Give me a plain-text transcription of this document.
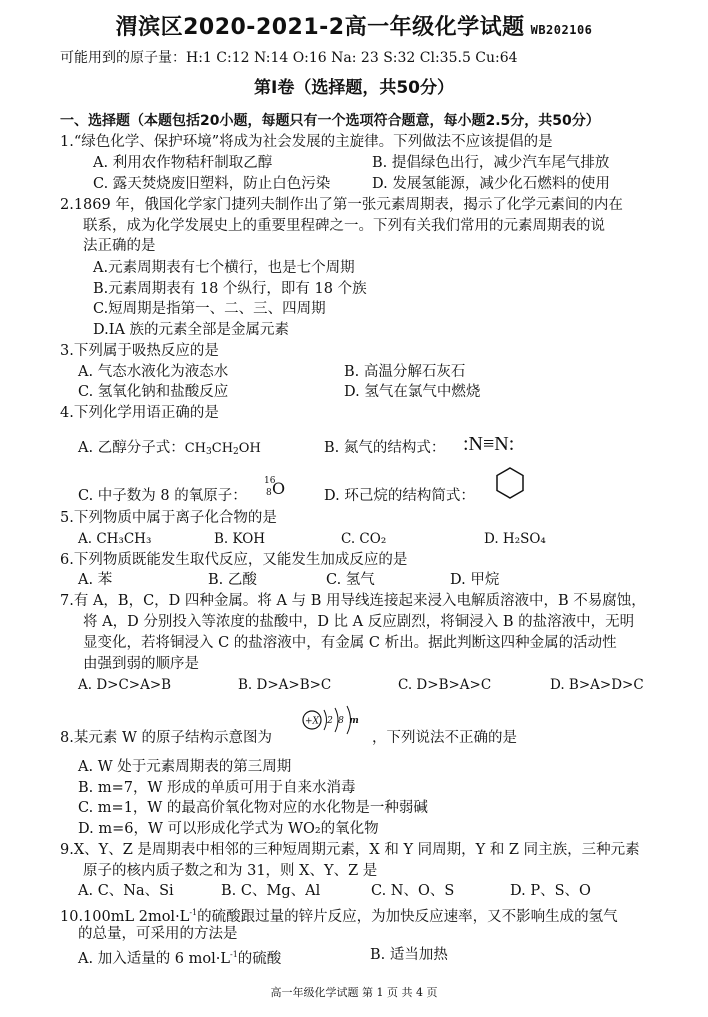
渭滨区2020-2021-2高一年级化学试题 WB202106
可能用到的原子量：H:1 C:12 N:14 O:16 Na: 23 S:32 Cl:35.5 Cu:64
第Ⅰ卷（选择题，共50分）
一、选择题（本题包括20小题，每题只有一个选项符合题意，每小题2.5分，共50分）
1.“绿色化学、保护环境”将成为社会发展的主旋律。下列做法不应该提倡的是
A. 利用农作物秸秆制取乙醇	B. 提倡绿色出行，减少汽车尾气排放
C. 露天焚烧废旧塑料，防止白色污染	D. 发展氢能源，减少化石燃料的使用
2.1869 年，俄国化学家门捷列夫制作出了第一张元素周期表，揭示了化学元素间的内在
联系，成为化学发展史上的重要里程碑之一。下列有关我们常用的元素周期表的说
法正确的是
A.元素周期表有七个横行，也是七个周期
B.元素周期表有 18 个纵行，即有 18 个族
C.短周期是指第一、二、三、四周期
D.IA 族的元素全部是金属元素
3.下列属于吸热反应的是
A. 气态水液化为液态水	B. 高温分解石灰石
C. 氢氧化钠和盐酸反应	D. 氢气在氯气中燃烧
4.下列化学用语正确的是
A. 乙醇分子式：$CH_3CH_2OH$	B. 氮气的结构式： :N≡N:
C. 中子数为 8 的氧原子：
16
8 O	D. 环己烷的结构简式：
5.下列物质中属于离子化合物的是
A. CH₃CH₃	B. KOH	C. CO₂	D. H₂SO₄
6.下列物质既能发生取代反应，又能发生加成反应的是
A. 苯	B. 乙酸	C. 氢气	D. 甲烷
7.有 A，B，C，D 四种金属。将 A 与 B 用导线连接起来浸入电解质溶液中，B 不易腐蚀，
将 A，D 分别投入等浓度的盐酸中，D 比 A 反应剧烈，将铜浸入 B 的盐溶液中，无明
显变化，若将铜浸入 C 的盐溶液中，有金属 C 析出。据此判断这四种金属的活动性
由强到弱的顺序是
A. D>C>A>B	B. D>A>B>C	C. D>B>A>C	D. B>A>D>C
8.某元素 W 的原子结构示意图为
+X 2 8 m
，下列说法不正确的是
A. W 处于元素周期表的第三周期
B. m=7，W 形成的单质可用于自来水消毒
C. m=1，W 的最高价氧化物对应的水化物是一种弱碱
D. m=6，W 可以形成化学式为 WO₂的氧化物
9.X、Y、Z 是周期表中相邻的三种短周期元素，X 和 Y 同周期，Y 和 Z 同主族，三种元素
原子的核内质子数之和为 31，则 X、Y、Z 是
A. C、Na、Si	B. C、Mg、Al	C. N、O、S	D. P、S、O
10.100mL $2mol\cdot L^{-1}$的硫酸跟过量的锌片反应，为加快反应速率，又不影响生成的氢气
的总量，可采用的方法是
A. 加入适量的 6 $mol\cdot L^{-1}$的硫酸	B. 适当加热
高一年级化学试题 第 1 页 共 4 页
